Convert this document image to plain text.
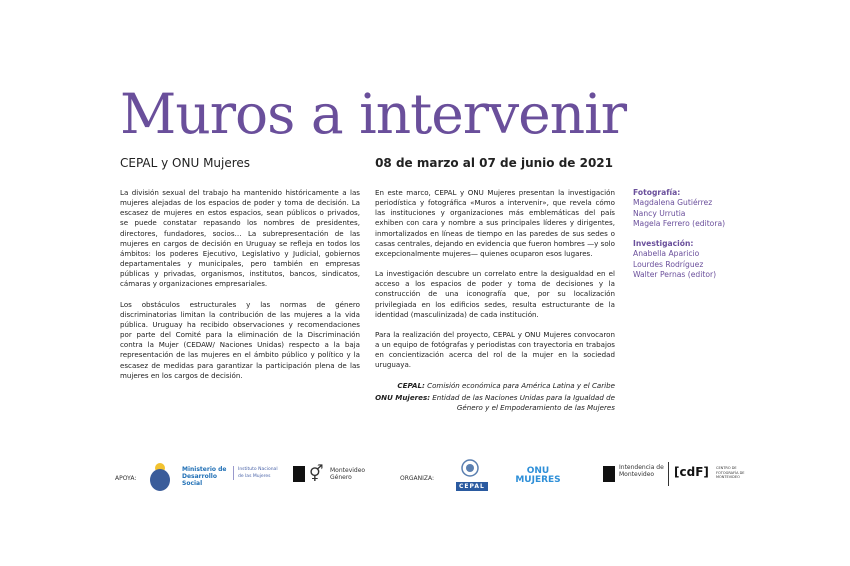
Muros a intervenir
CEPAL y ONU Mujeres	08 de marzo al 07 de junio de 2021

La división sexual del trabajo ha mantenido históricamente a las mujeres alejadas de los espacios de poder y toma de decisión. La escasez de mujeres en estos espacios, sean públicos o privados, se puede constatar repasando los nombres de presidentes, directores, fundadores, socios… La subrepresentación de las mujeres en cargos de decisión en Uruguay se refleja en todos los ámbitos: los poderes Ejecutivo, Legislativo y Judicial, gobiernos departamentales y municipales, pero también en empresas públicas y privadas, organismos, institutos, bancos, sindicatos, cámaras y organizaciones empresariales.

Los obstáculos estructurales y las normas de género discriminatorias limitan la contribución de las mujeres a la vida pública. Uruguay ha recibido observaciones y recomendaciones por parte del Comité para la eliminación de la Discriminación contra la Mujer (CEDAW/ Naciones Unidas) respecto a la baja representación de las mujeres en el ámbito público y político y la escasez de medidas para garantizar la participación plena de las mujeres en los cargos de decisión.

En este marco, CEPAL y ONU Mujeres presentan la investigación periodística y fotográfica «Muros a intervenir», que revela cómo las instituciones y organizaciones más emblemáticas del país exhiben con cara y nombre a sus principales líderes y dirigentes, inmortalizados en líneas de tiempo en las paredes de sus sedes o casas centrales, dejando en evidencia que fueron hombres —y solo excepcionalmente mujeres— quienes ocuparon esos lugares.

La investigación descubre un correlato entre la desigualdad en el acceso a los espacios de poder y toma de decisiones y la construcción de una iconografía que, por su localización privilegiada en los edificios sedes, resulta estructurante de la identidad (masculinizada) de cada institución.

Para la realización del proyecto, CEPAL y ONU Mujeres convocaron a un equipo de fotógrafas y periodistas con trayectoria en trabajos en concientización acerca del rol de la mujer en la sociedad uruguaya.

CEPAL: Comisión económica para América Latina y el Caribe
ONU Mujeres: Entidad de las Naciones Unidas para la Igualdad de Género y el Empoderamiento de las Mujeres
Fotografía:
Magdalena Gutiérrez
Nancy Urrutia
Magela Ferrero (editora)
Investigación:
Anabella Aparicio
Lourdes Rodríguez
Walter Pernas (editor)
APOYA:
Ministerio de Desarrollo Social
Instituto Nacional de las Mujeres	⚥ Montevideo Género	ORGANIZA:
CEPAL
ONU MUJERES
Intendencia de Montevideo	[cdF] CENTRO DE FOTOGRAFÍA DE MONTEVIDEO
